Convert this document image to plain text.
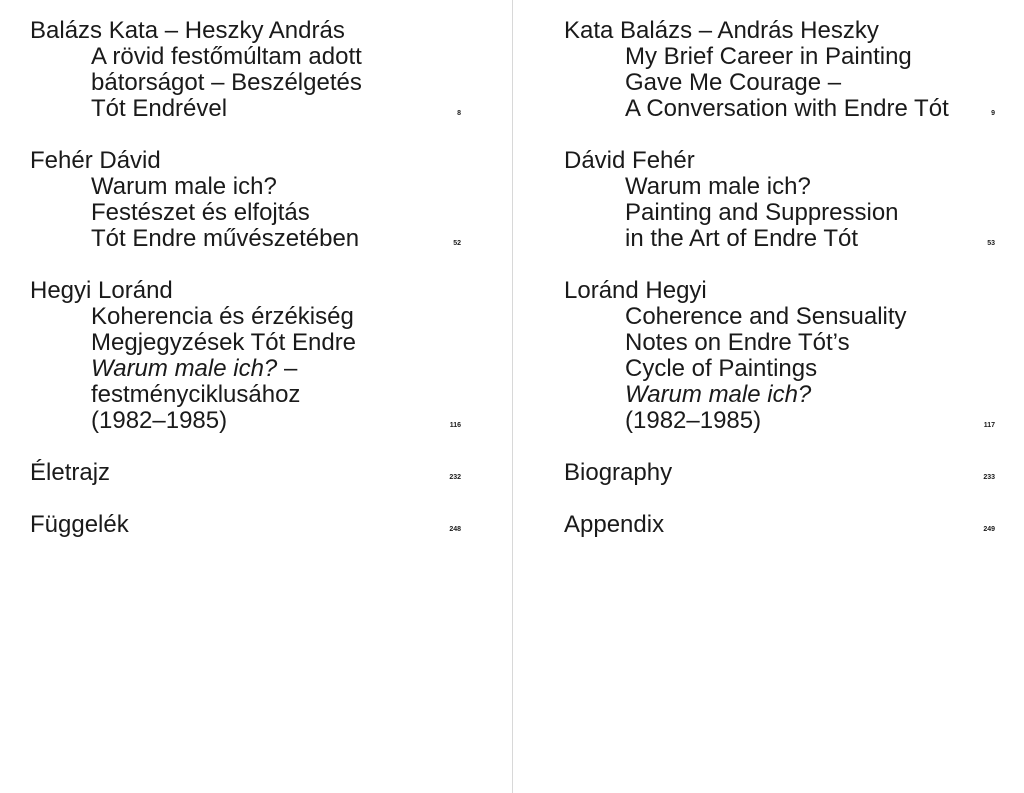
Balázs Kata – Heszky András
A rövid festőmúltam adott
bátorságot – Beszélgetés
Tót Endrével	8
Fehér Dávid
Warum male ich?
Festészet és elfojtás
Tót Endre művészetében	52
Hegyi Loránd
Koherencia és érzékiség
Megjegyzések Tót Endre
Warum male ich? –
festményciklusához
(1982–1985)	116
Életrajz	232
Függelék	248
Kata Balázs – András Heszky
My Brief Career in Painting
Gave Me Courage –
A Conversation with Endre Tót	9
Dávid Fehér
Warum male ich?
Painting and Suppression
in the Art of Endre Tót	53
Loránd Hegyi
Coherence and Sensuality
Notes on Endre Tót’s
Cycle of Paintings
Warum male ich?
(1982–1985)	117
Biography	233
Appendix	249
